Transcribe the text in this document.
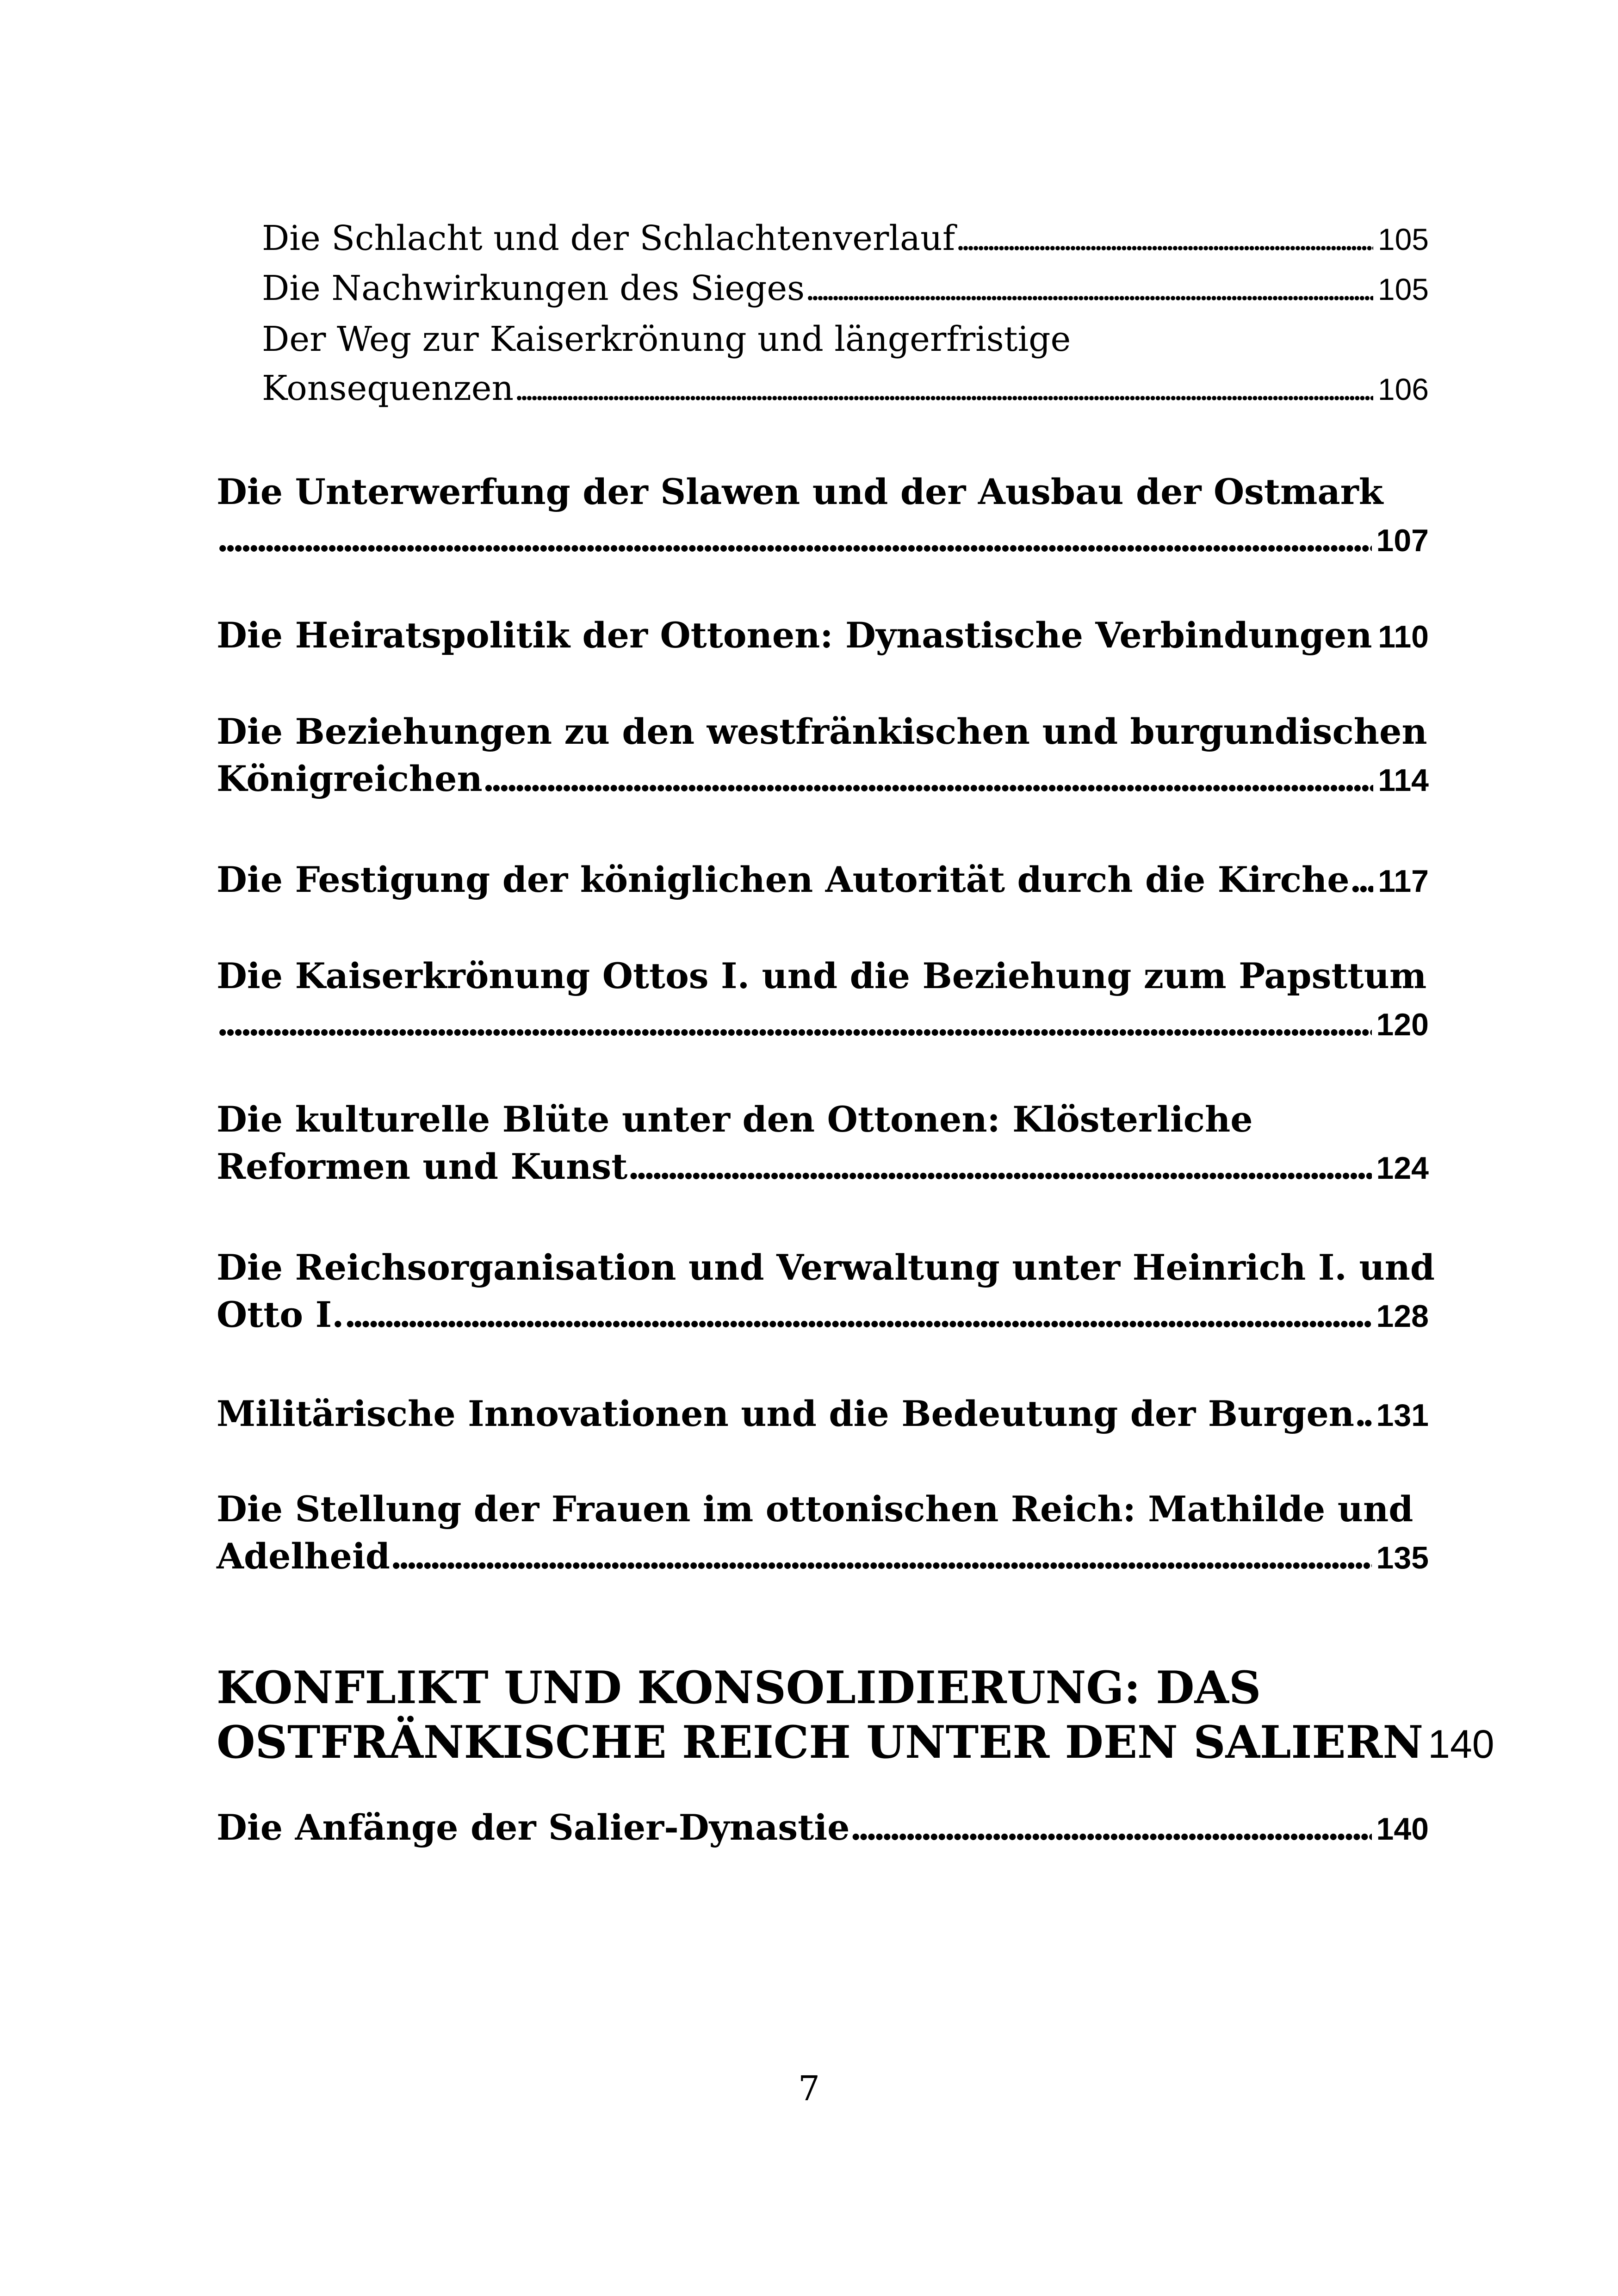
Die Schlacht und der Schlachtenverlauf . . .	105
Die Nachwirkungen des Sieges . . .	105
Der Weg zur Kaiserkrönung und längerfristige
Konsequenzen . . .	106
Die Unterwerfung der Slawen und der Ausbau der Ostmark
. . .
107
Die Heiratspolitik der Ottonen: Dynastische Verbindungen . . . 110
Die Beziehungen zu den westfränkischen und burgundischen
Königreichen . . .	114
Die Festigung der königlichen Autorität durch die Kirche . . . 117
Die Kaiserkrönung Ottos I. und die Beziehung zum Papsttum
. . .
120
Die kulturelle Blüte unter den Ottonen: Klösterliche
Reformen und Kunst . . .	124
Die Reichsorganisation und Verwaltung unter Heinrich I. und
Otto I. . . .	128
Militärische Innovationen und die Bedeutung der Burgen . . . 131
Die Stellung der Frauen im ottonischen Reich: Mathilde und
Adelheid . . .	135
KONFLIKT UND KONSOLIDIERUNG: DAS
OSTFRÄNKISCHE REICH UNTER DEN SALIERN 140
Die Anfänge der Salier-Dynastie . . .	140
7
